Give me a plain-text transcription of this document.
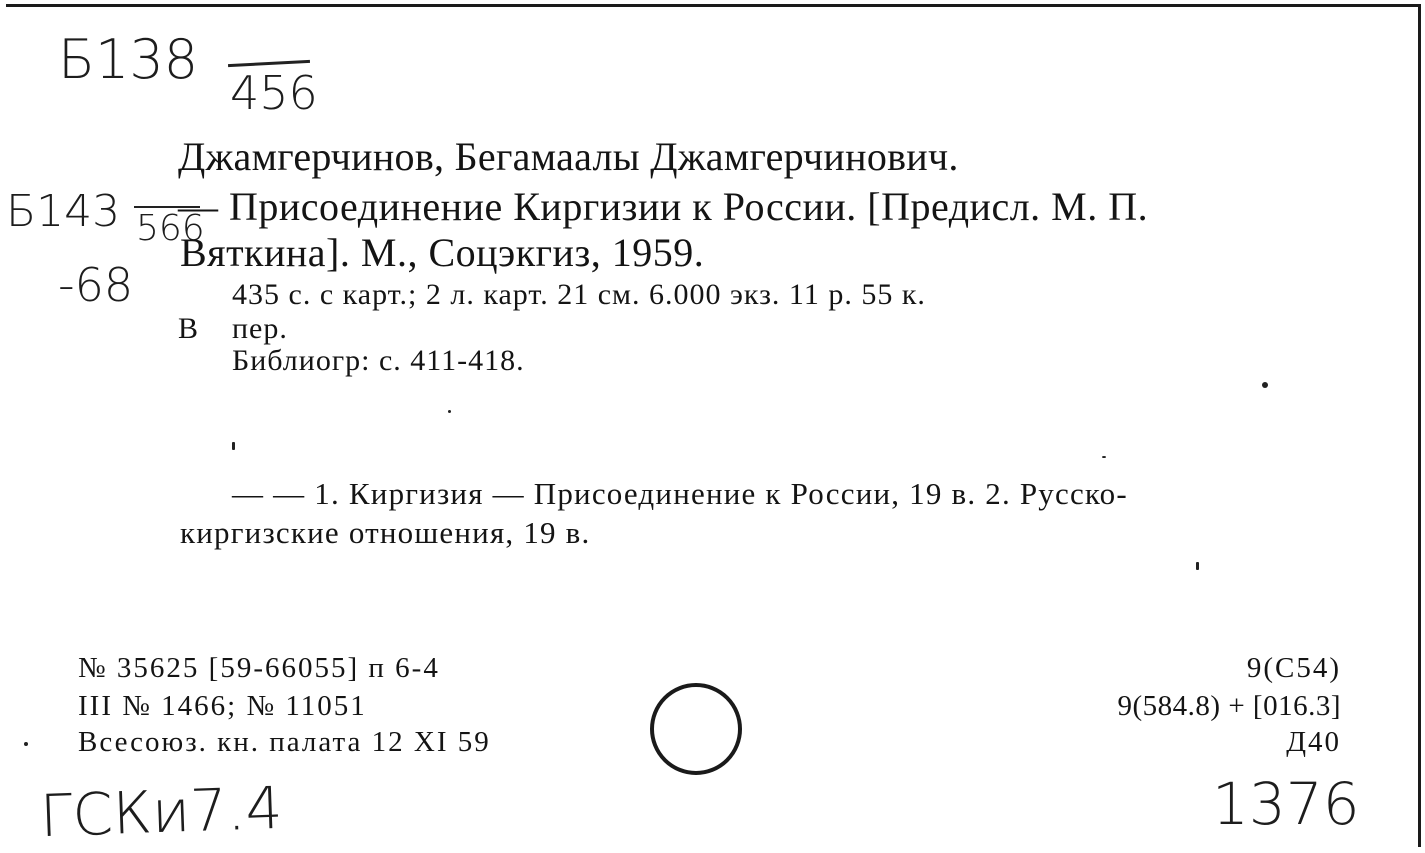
Б138
456
Б143 566
-68
Джамгерчинов, Бегамаалы Джамгерчинович.
— Присоединение Киргизии к России. [Предисл. М. П.
Вяткина]. М., Соцэкгиз, 1959.
435 с. с карт.; 2 л. карт. 21 см. 6.000 экз. 11 р. 55 к.
В пер.
Библиогр: с. 411-418.
— — 1. Киргизия — Присоединение к России, 19 в. 2. Русско-
киргизские отношения, 19 в.
№ 35625 [59-66055] п 6-4
III № 1466; № 11051
Всесоюз. кн. палата 12 XI 59
9(С54)
9(584.8) + [016.3]
Д40
ГСКи7.4	1376
